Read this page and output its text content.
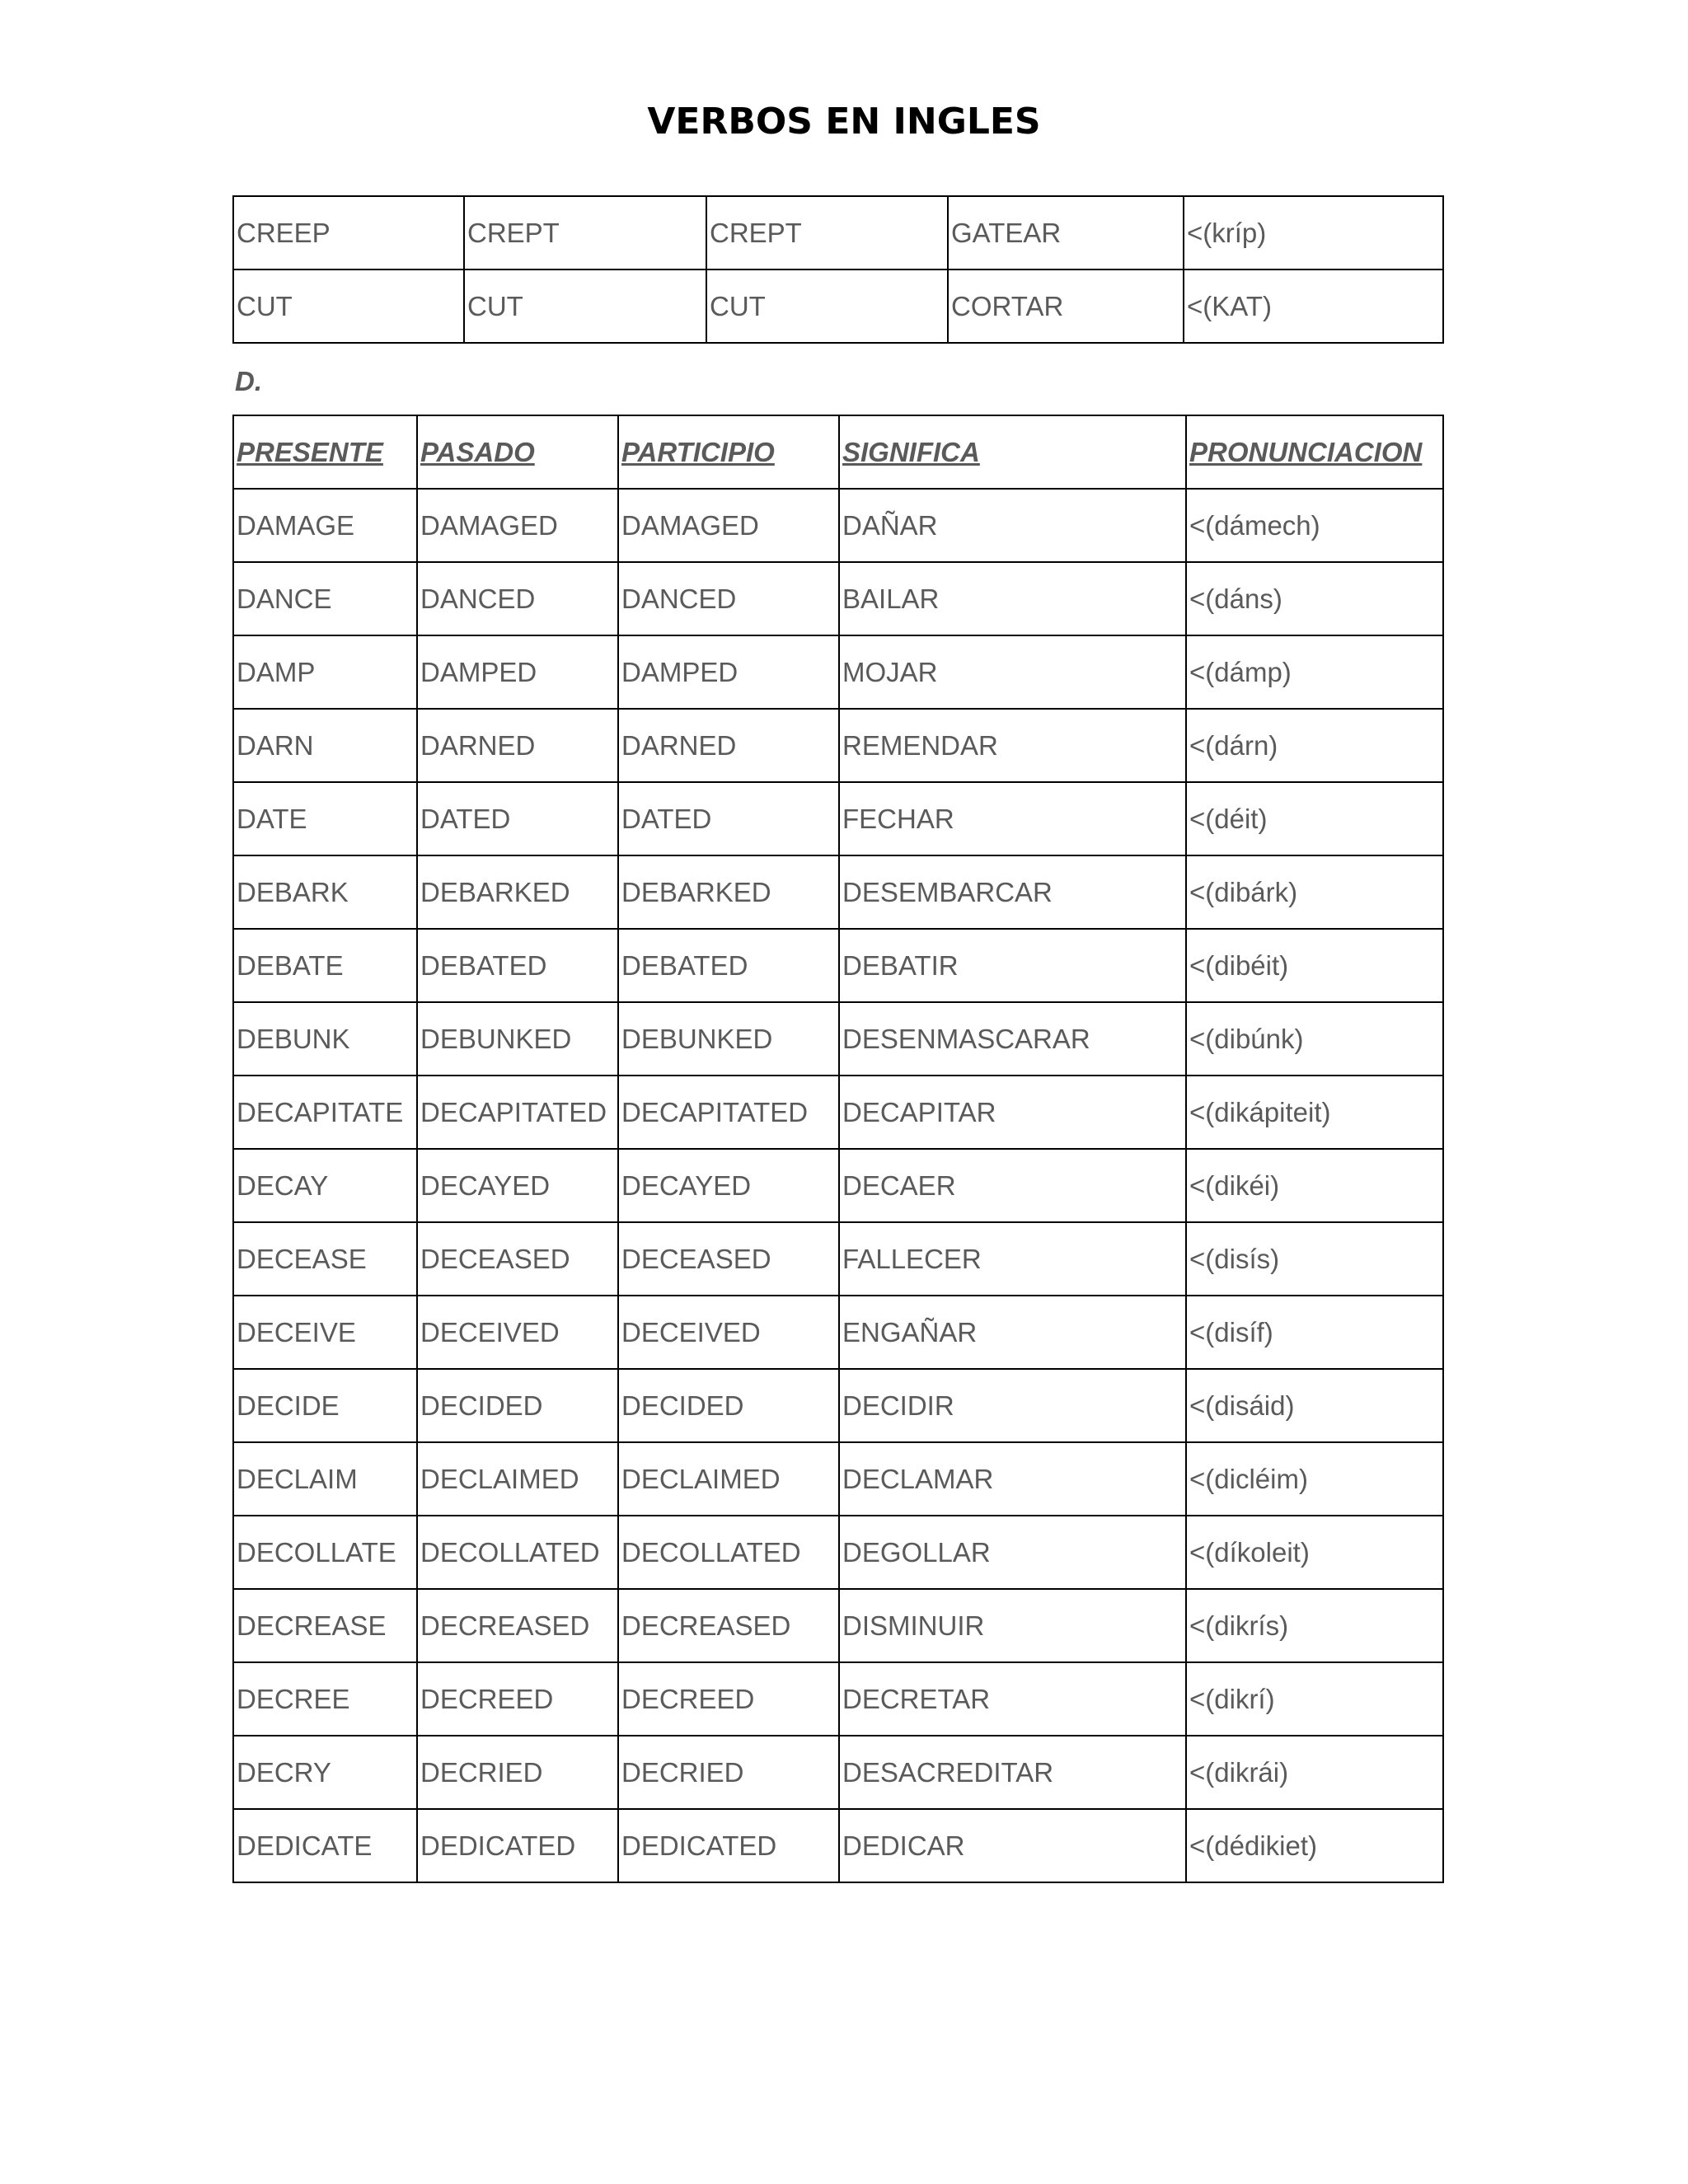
VERBOS EN INGLES
CREEP	CREPT	CREPT	GATEAR	<(kríp)
CUT	CUT	CUT	CORTAR	<(KAT)
D.
PRESENTE	PASADO	PARTICIPIO	SIGNIFICA	PRONUNCIACION
DAMAGE	DAMAGED	DAMAGED	DAÑAR	<(dámech)
DANCE	DANCED	DANCED	BAILAR	<(dáns)
DAMP	DAMPED	DAMPED	MOJAR	<(dámp)
DARN	DARNED	DARNED	REMENDAR	<(dárn)
DATE	DATED	DATED	FECHAR	<(déit)
DEBARK	DEBARKED	DEBARKED	DESEMBARCAR	<(dibárk)
DEBATE	DEBATED	DEBATED	DEBATIR	<(dibéit)
DEBUNK	DEBUNKED	DEBUNKED	DESENMASCARAR	<(dibúnk)
DECAPITATE	DECAPITATED	DECAPITATED	DECAPITAR	<(dikápiteit)
DECAY	DECAYED	DECAYED	DECAER	<(dikéi)
DECEASE	DECEASED	DECEASED	FALLECER	<(disís)
DECEIVE	DECEIVED	DECEIVED	ENGAÑAR	<(disíf)
DECIDE	DECIDED	DECIDED	DECIDIR	<(disáid)
DECLAIM	DECLAIMED	DECLAIMED	DECLAMAR	<(dicléim)
DECOLLATE	DECOLLATED	DECOLLATED	DEGOLLAR	<(díkoleit)
DECREASE	DECREASED	DECREASED	DISMINUIR	<(dikrís)
DECREE	DECREED	DECREED	DECRETAR	<(dikrí)
DECRY	DECRIED	DECRIED	DESACREDITAR	<(dikrái)
DEDICATE	DEDICATED	DEDICATED	DEDICAR	<(dédikiet)
